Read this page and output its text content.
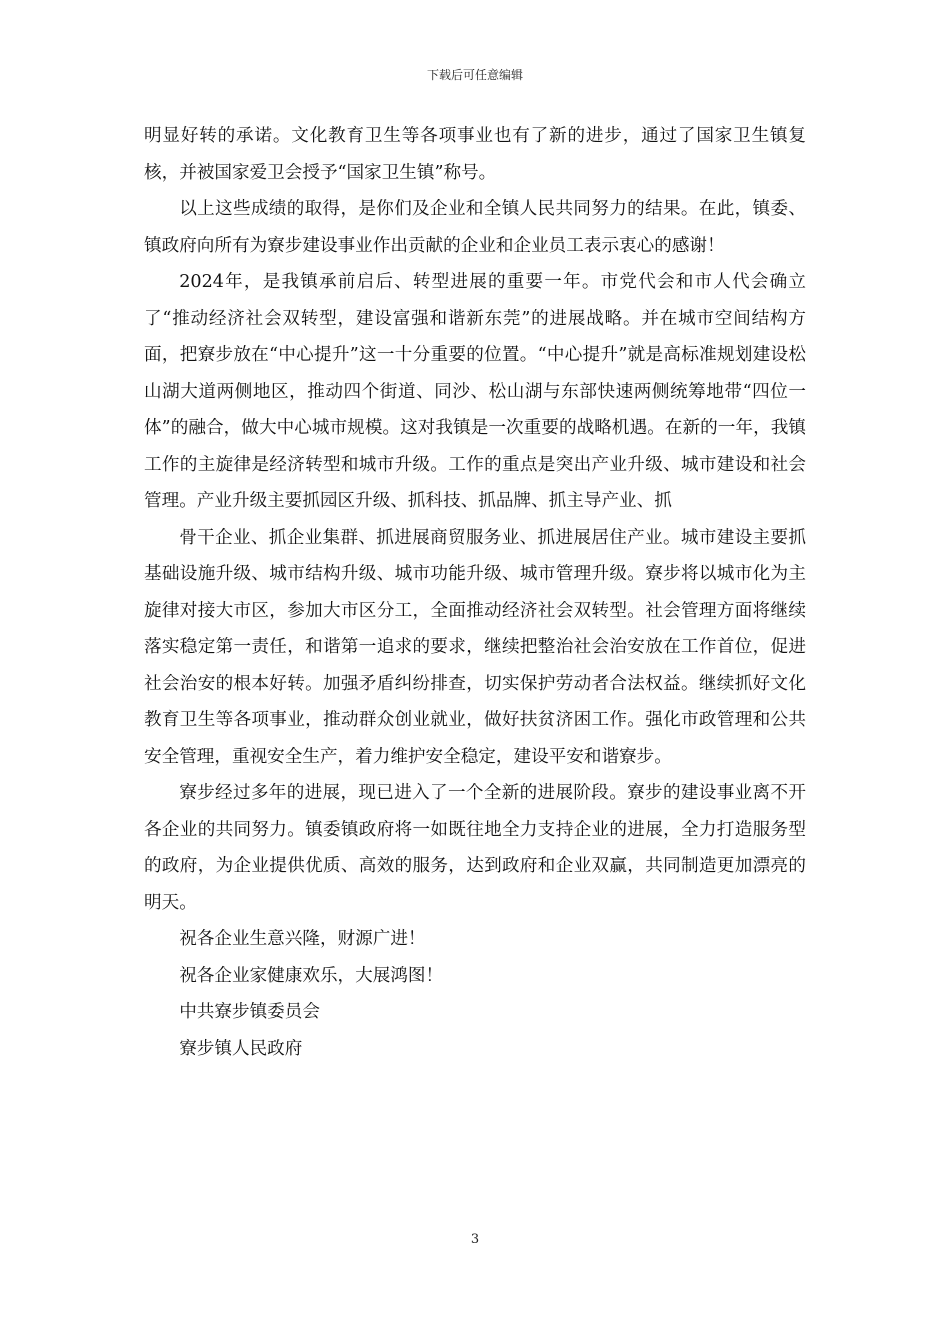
下载后可任意编辑

明显好转的承诺。文化教育卫生等各项事业也有了新的进步，通过了国家卫生镇复核，并被国家爱卫会授予“国家卫生镇”称号。

以上这些成绩的取得，是你们及企业和全镇人民共同努力的结果。在此，镇委、镇政府向所有为寮步建设事业作出贡献的企业和企业员工表示衷心的感谢！

2024年，是我镇承前启后、转型进展的重要一年。市党代会和市人代会确立了“推动经济社会双转型，建设富强和谐新东莞”的进展战略。并在城市空间结构方面，把寮步放在“中心提升”这一十分重要的位置。“中心提升”就是高标准规划建设松山湖大道两侧地区，推动四个街道、同沙、松山湖与东部快速两侧统筹地带“四位一体”的融合，做大中心城市规模。这对我镇是一次重要的战略机遇。在新的一年，我镇工作的主旋律是经济转型和城市升级。工作的重点是突出产业升级、城市建设和社会管理。产业升级主要抓园区升级、抓科技、抓品牌、抓主导产业、抓

骨干企业、抓企业集群、抓进展商贸服务业、抓进展居住产业。城市建设主要抓基础设施升级、城市结构升级、城市功能升级、城市管理升级。寮步将以城市化为主旋律对接大市区，参加大市区分工，全面推动经济社会双转型。社会管理方面将继续落实稳定第一责任，和谐第一追求的要求，继续把整治社会治安放在工作首位，促进社会治安的根本好转。加强矛盾纠纷排查，切实保护劳动者合法权益。继续抓好文化教育卫生等各项事业，推动群众创业就业，做好扶贫济困工作。强化市政管理和公共安全管理，重视安全生产，着力维护安全稳定，建设平安和谐寮步。

寮步经过多年的进展，现已进入了一个全新的进展阶段。寮步的建设事业离不开各企业的共同努力。镇委镇政府将一如既往地全力支持企业的进展，全力打造服务型的政府，为企业提供优质、高效的服务，达到政府和企业双赢，共同制造更加漂亮的明天。

祝各企业生意兴隆，财源广进！

祝各企业家健康欢乐，大展鸿图！

中共寮步镇委员会

寮步镇人民政府

3
